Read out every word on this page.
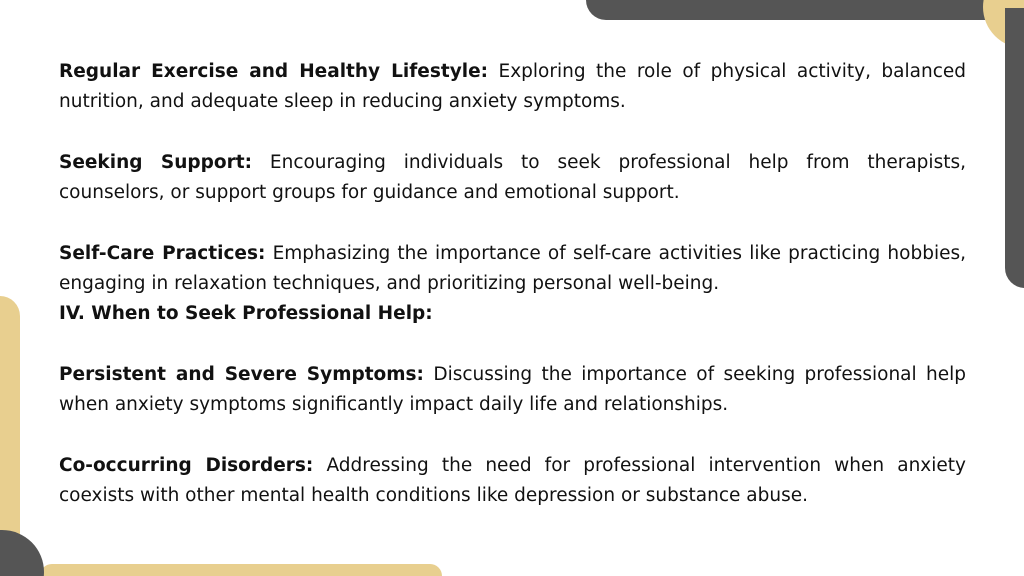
Regular Exercise and Healthy Lifestyle: Exploring the role of physical activity, balanced nutrition, and adequate sleep in reducing anxiety symptoms.

Seeking Support: Encouraging individuals to seek professional help from therapists, counselors, or support groups for guidance and emotional support.

Self-Care Practices: Emphasizing the importance of self-care activities like practicing hobbies, engaging in relaxation techniques, and prioritizing personal well-being.

IV. When to Seek Professional Help:

Persistent and Severe Symptoms: Discussing the importance of seeking professional help when anxiety symptoms significantly impact daily life and relationships.

Co-occurring Disorders: Addressing the need for professional intervention when anxiety coexists with other mental health conditions like depression or substance abuse.
